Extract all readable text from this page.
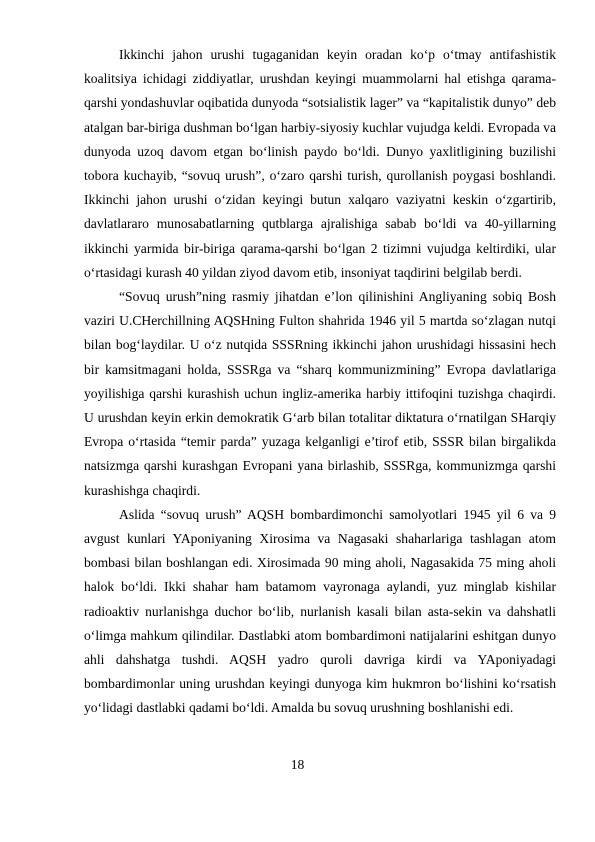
Ikkinchi jahon urushi tugaganidan keyin oradan ko‘p o‘tmay antifashistik koalitsiya ichidagi ziddiyatlar, urushdan keyingi muammolarni hal etishga qarama-qarshi yondashuvlar oqibatida dunyoda “sotsialistik lager” va “kapitalistik dunyo” deb atalgan bar-biriga dushman bo‘lgan harbiy-siyosiy kuchlar vujudga keldi. Evropada va dunyoda uzoq davom etgan bo‘linish paydo bo‘ldi. Dunyo yaxlitligining buzilishi tobora kuchayib, “sovuq urush”, o‘zaro qarshi turish, qurollanish poygasi boshlandi. Ikkinchi jahon urushi o‘zidan keyingi butun xalqaro vaziyatni keskin o‘zgartirib, davlatlararo munosabatlarning qutblarga ajralishiga sabab bo‘ldi va 40-yillarning ikkinchi yarmida bir-biriga qarama-qarshi bo‘lgan 2 tizimni vujudga keltirdiki, ular o‘rtasidagi kurash 40 yildan ziyod davom etib, insoniyat taqdirini belgilab berdi.

“Sovuq urush”ning rasmiy jihatdan e’lon qilinishini Angliyaning sobiq Bosh vaziri U.CHerchillning AQSHning Fulton shahrida 1946 yil 5 martda so‘zlagan nutqi bilan bog‘laydilar. U o‘z nutqida SSSRning ikkinchi jahon urushidagi hissasini hech bir kamsitmagani holda, SSSRga va “sharq kommunizmining” Evropa davlatlariga yoyilishiga qarshi kurashish uchun ingliz-amerika harbiy ittifoqini tuzishga chaqirdi. U urushdan keyin erkin demokratik G‘arb bilan totalitar diktatura o‘rnatilgan SHarqiy Evropa o‘rtasida “temir parda” yuzaga kelganligi e’tirof etib, SSSR bilan birgalikda natsizmga qarshi kurashgan Evropani yana birlashib, SSSRga, kommunizmga qarshi kurashishga chaqirdi.

Aslida “sovuq urush” AQSH bombardimonchi samolyotlari 1945 yil 6 va 9 avgust kunlari YAponiyaning Xirosima va Nagasaki shaharlariga tashlagan atom bombasi bilan boshlangan edi. Xirosimada 90 ming aholi, Nagasakida 75 ming aholi halok bo‘ldi. Ikki shahar ham batamom vayronaga aylandi, yuz minglab kishilar radioaktiv nurlanishga duchor bo‘lib, nurlanish kasali bilan asta-sekin va dahshatli o‘limga mahkum qilindilar. Dastlabki atom bombardimoni natijalarini eshitgan dunyo ahli dahshatga tushdi. AQSH yadro quroli davriga kirdi va YAponiyadagi bombardimonlar uning urushdan keyingi dunyoga kim hukmron bo‘lishini ko‘rsatish yo‘lidagi dastlabki qadami bo‘ldi. Amalda bu sovuq urushning boshlanishi edi.

18
